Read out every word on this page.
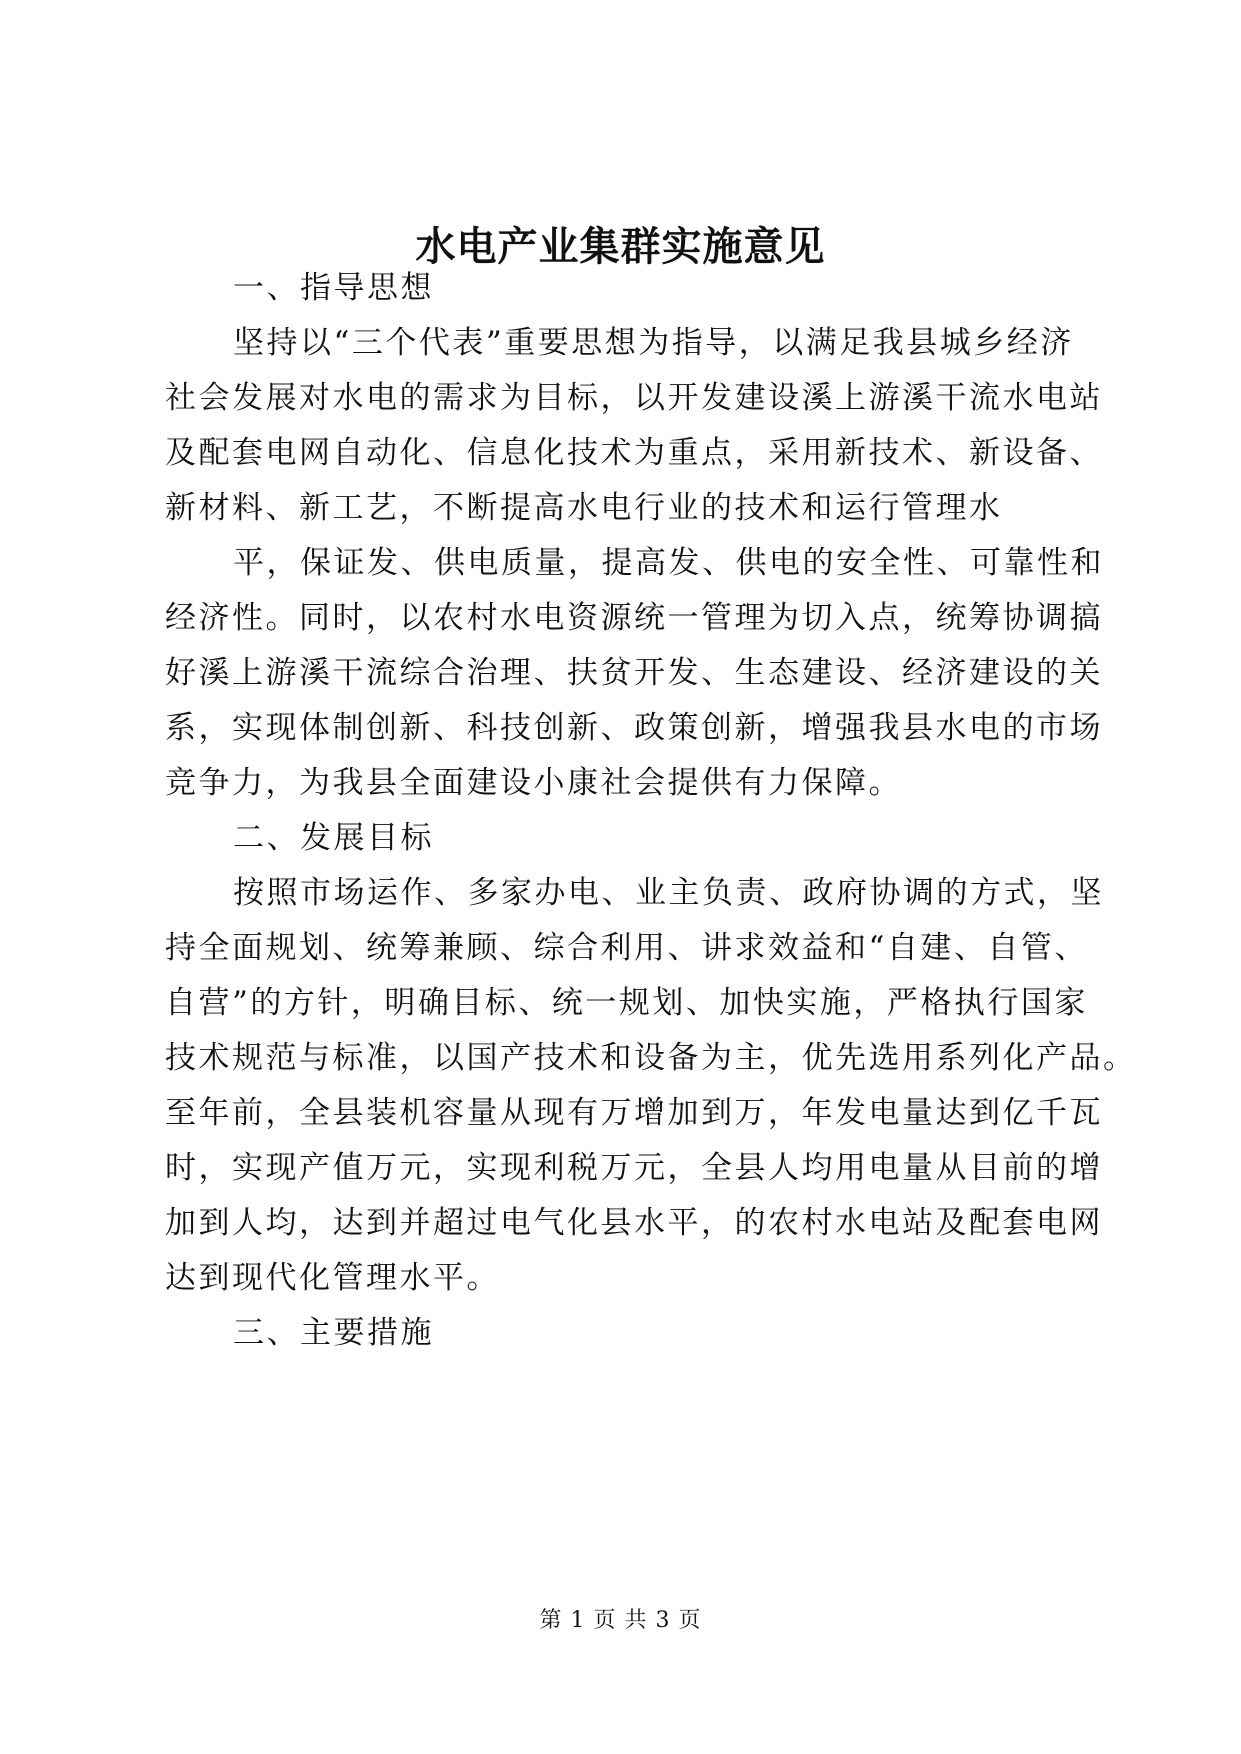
水电产业集群实施意见
一、指导思想
坚持以“三个代表”重要思想为指导，以满足我县城乡经济
社会发展对水电的需求为目标，以开发建设溪上游溪干流水电站
及配套电网自动化、信息化技术为重点，采用新技术、新设备、
新材料、新工艺，不断提高水电行业的技术和运行管理水
平，保证发、供电质量，提高发、供电的安全性、可靠性和
经济性。同时，以农村水电资源统一管理为切入点，统筹协调搞
好溪上游溪干流综合治理、扶贫开发、生态建设、经济建设的关
系，实现体制创新、科技创新、政策创新，增强我县水电的市场
竞争力，为我县全面建设小康社会提供有力保障。
二、发展目标
按照市场运作、多家办电、业主负责、政府协调的方式，坚
持全面规划、统筹兼顾、综合利用、讲求效益和“自建、自管、
自营”的方针，明确目标、统一规划、加快实施，严格执行国家
技术规范与标准，以国产技术和设备为主，优先选用系列化产品。
至年前，全县装机容量从现有万增加到万，年发电量达到亿千瓦
时，实现产值万元，实现利税万元，全县人均用电量从目前的增
加到人均，达到并超过电气化县水平，的农村水电站及配套电网
达到现代化管理水平。
三、主要措施
第 1 页 共 3 页
